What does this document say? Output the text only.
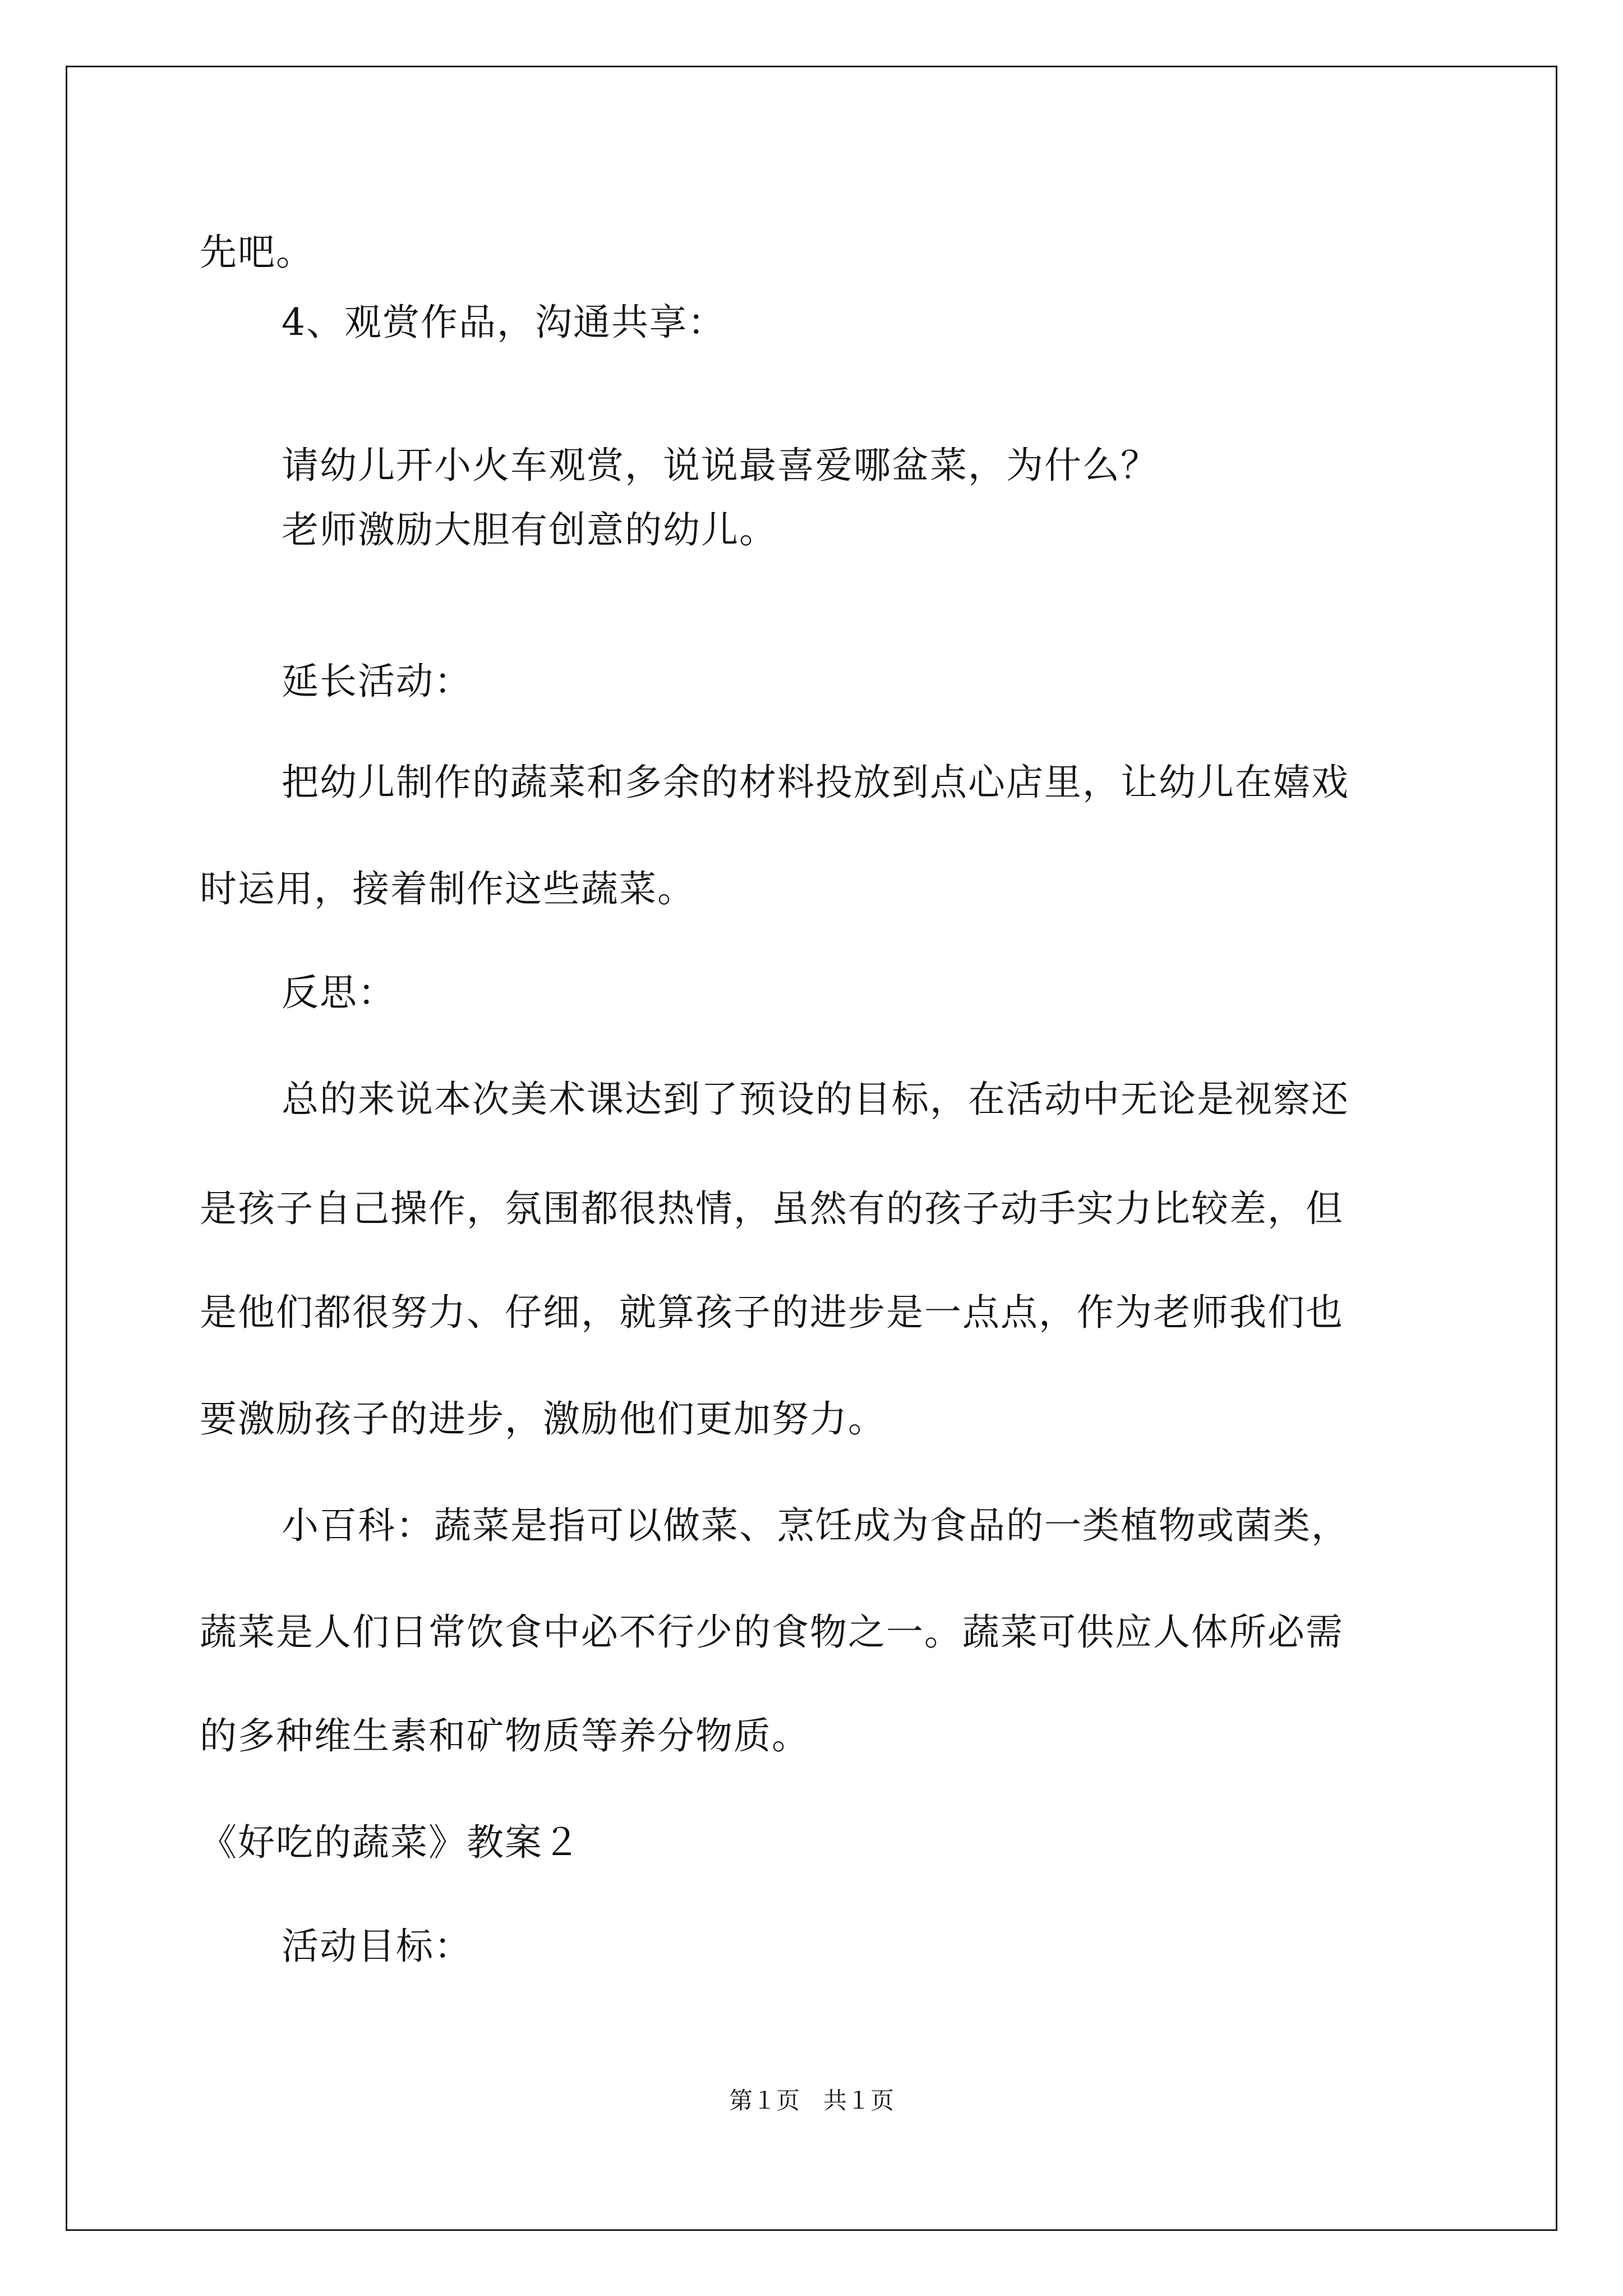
先吧。
4、观赏作品，沟通共享：
请幼儿开小火车观赏，说说最喜爱哪盆菜，为什么？
老师激励大胆有创意的幼儿。
延长活动：
把幼儿制作的蔬菜和多余的材料投放到点心店里，让幼儿在嬉戏
时运用，接着制作这些蔬菜。
反思：
总的来说本次美术课达到了预设的目标，在活动中无论是视察还
是孩子自己操作，氛围都很热情，虽然有的孩子动手实力比较差，但
是他们都很努力、仔细，就算孩子的进步是一点点，作为老师我们也
要激励孩子的进步，激励他们更加努力。
小百科：蔬菜是指可以做菜、烹饪成为食品的一类植物或菌类，
蔬菜是人们日常饮食中必不行少的食物之一。蔬菜可供应人体所必需
的多种维生素和矿物质等养分物质。
《好吃的蔬菜》教案２
活动目标：
第１页　共１页
